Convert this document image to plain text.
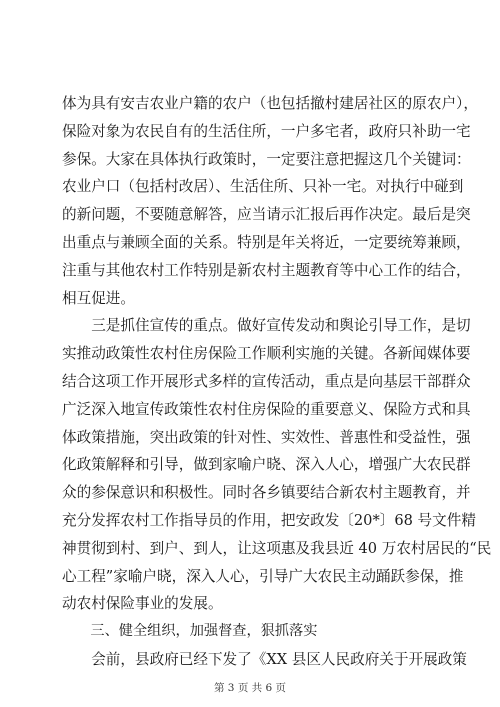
体为具有安吉农业户籍的农户（也包括撤村建居社区的原农户），
保险对象为农民自有的生活住所，一户多宅者，政府只补助一宅
参保。大家在具体执行政策时，一定要注意把握这几个关键词：
农业户口（包括村改居）、生活住所、只补一宅。对执行中碰到
的新问题，不要随意解答，应当请示汇报后再作决定。最后是突
出重点与兼顾全面的关系。特别是年关将近，一定要统筹兼顾，
注重与其他农村工作特别是新农村主题教育等中心工作的结合，
相互促进。
　　三是抓住宣传的重点。做好宣传发动和舆论引导工作，是切
实推动政策性农村住房保险工作顺利实施的关键。各新闻媒体要
结合这项工作开展形式多样的宣传活动，重点是向基层干部群众
广泛深入地宣传政策性农村住房保险的重要意义、保险方式和具
体政策措施，突出政策的针对性、实效性、普惠性和受益性，强
化政策解释和引导，做到家喻户晓、深入人心，增强广大农民群
众的参保意识和积极性。同时各乡镇要结合新农村主题教育，并
充分发挥农村工作指导员的作用，把安政发〔20*〕68 号文件精
神贯彻到村、到户、到人，让这项惠及我县近 40 万农村居民的“民
心工程”家喻户晓，深入人心，引导广大农民主动踊跃参保，推
动农村保险事业的发展。
　　三、健全组织，加强督查，狠抓落实
　　会前，县政府已经下发了《XX 县区人民政府关于开展政策
第 3 页 共 6 页
